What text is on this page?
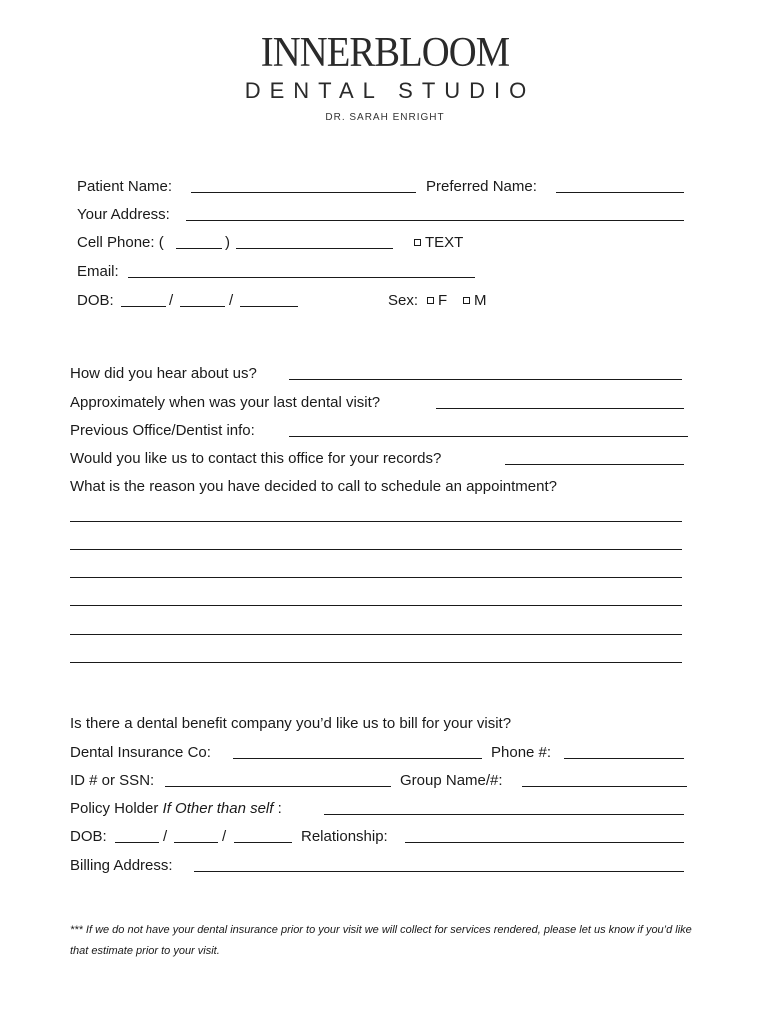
INNERBLOOM
DENTAL STUDIO
DR. SARAH ENRIGHT
Patient Name:	Preferred Name:
Your Address:
Cell Phone: (	)	TEXT
Email:
DOB:	/	/	Sex:	F	M
How did you hear about us?
Approximately when was your last dental visit?
Previous Office/Dentist info:
Would you like us to contact this office for your records?
What is the reason you have decided to call to schedule an appointment?
Is there a dental benefit company you’d like us to bill for your visit?
Dental Insurance Co:	Phone #:
ID # or SSN:	Group Name/#:
Policy Holder If Other than self :
DOB:	/	/	Relationship:
Billing Address:
*** If we do not have your dental insurance prior to your visit we will collect for services rendered, please let us know if you’d like that estimate prior to your visit.
